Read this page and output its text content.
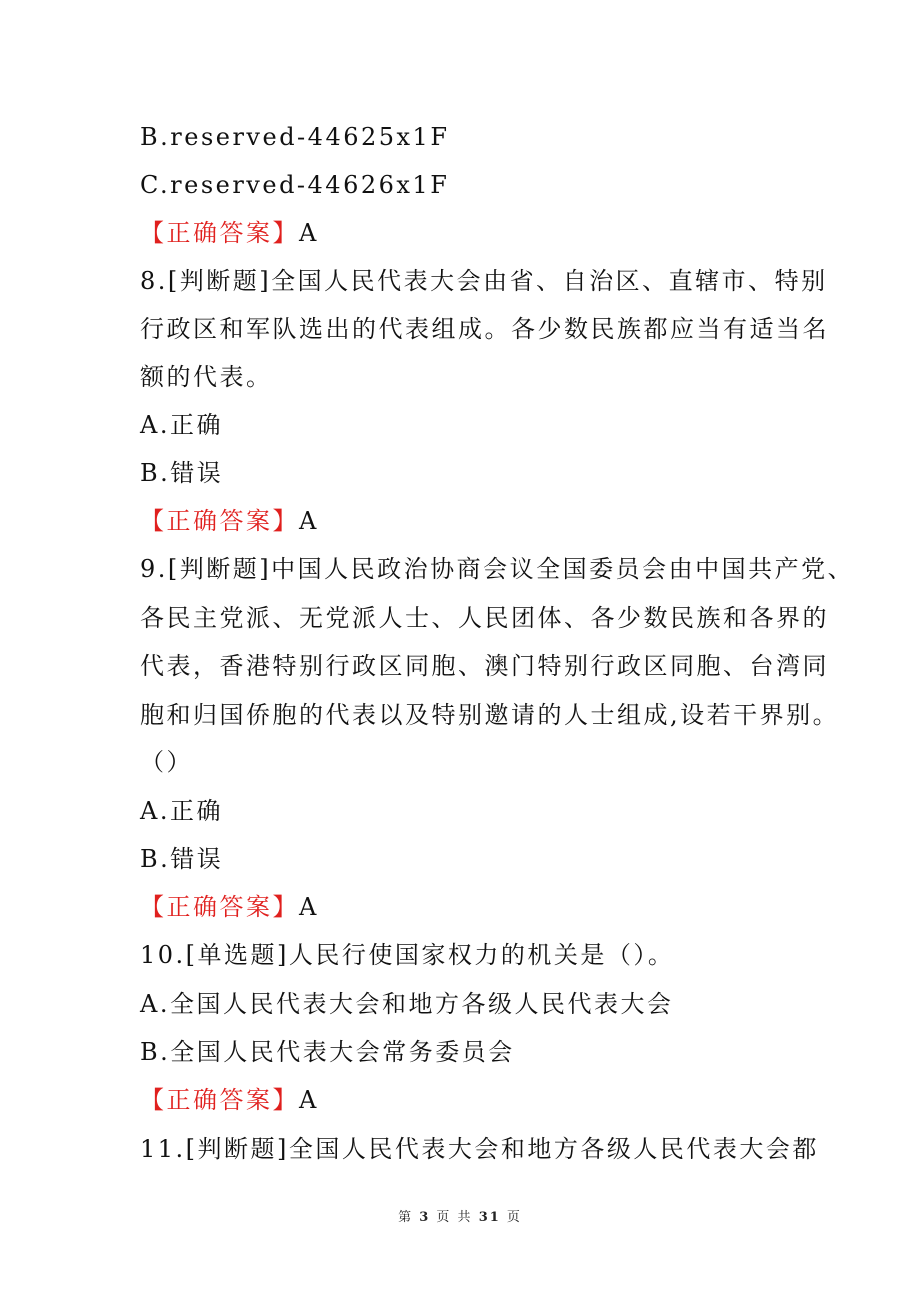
B.reserved-44625x1F

C.reserved-44626x1F

【正确答案】A

8.[判断题]全国人民代表大会由省、自治区、直辖市、特别

行政区和军队选出的代表组成。各少数民族都应当有适当名

额的代表。

A.正确

B.错误

【正确答案】A

9.[判断题]中国人民政治协商会议全国委员会由中国共产党、

各民主党派、无党派人士、人民团体、各少数民族和各界的

代表，香港特别行政区同胞、澳门特别行政区同胞、台湾同

胞和归国侨胞的代表以及特别邀请的人士组成,设若干界别。

（）

A.正确

B.错误

【正确答案】A

10.[单选题]人民行使国家权力的机关是（）。

A.全国人民代表大会和地方各级人民代表大会

B.全国人民代表大会常务委员会

【正确答案】A

11.[判断题]全国人民代表大会和地方各级人民代表大会都

第 3 页 共 31 页
